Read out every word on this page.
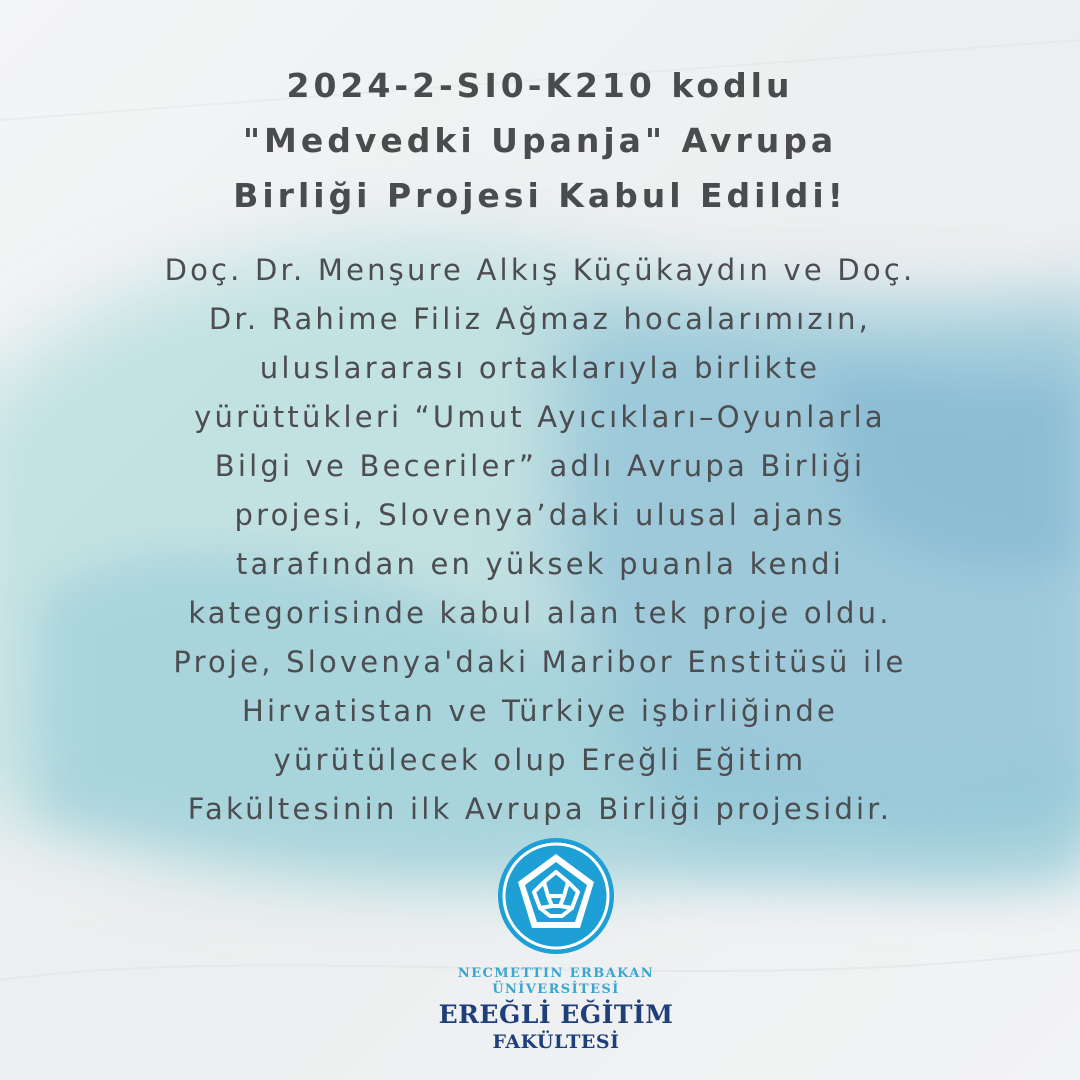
2024-2-SI0-K210 kodlu
"Medvedki Upanja" Avrupa
Birliği Projesi Kabul Edildi!
Doç. Dr. Menşure Alkış Küçükaydın ve Doç.
Dr. Rahime Filiz Ağmaz hocalarımızın,
uluslararası ortaklarıyla birlikte
yürüttükleri “Umut Ayıcıkları–Oyunlarla
Bilgi ve Beceriler” adlı Avrupa Birliği
projesi, Slovenya’daki ulusal ajans
tarafından en yüksek puanla kendi
kategorisinde kabul alan tek proje oldu.
Proje, Slovenya'daki Maribor Enstitüsü ile
Hirvatistan ve Türkiye işbirliğinde
yürütülecek olup Ereğli Eğitim
Fakültesinin ilk Avrupa Birliği projesidir.
NECMETTIN ERBAKAN
ÜNİVERSİTESİ
EREĞLİ EĞİTİM
FAKÜLTESİ
